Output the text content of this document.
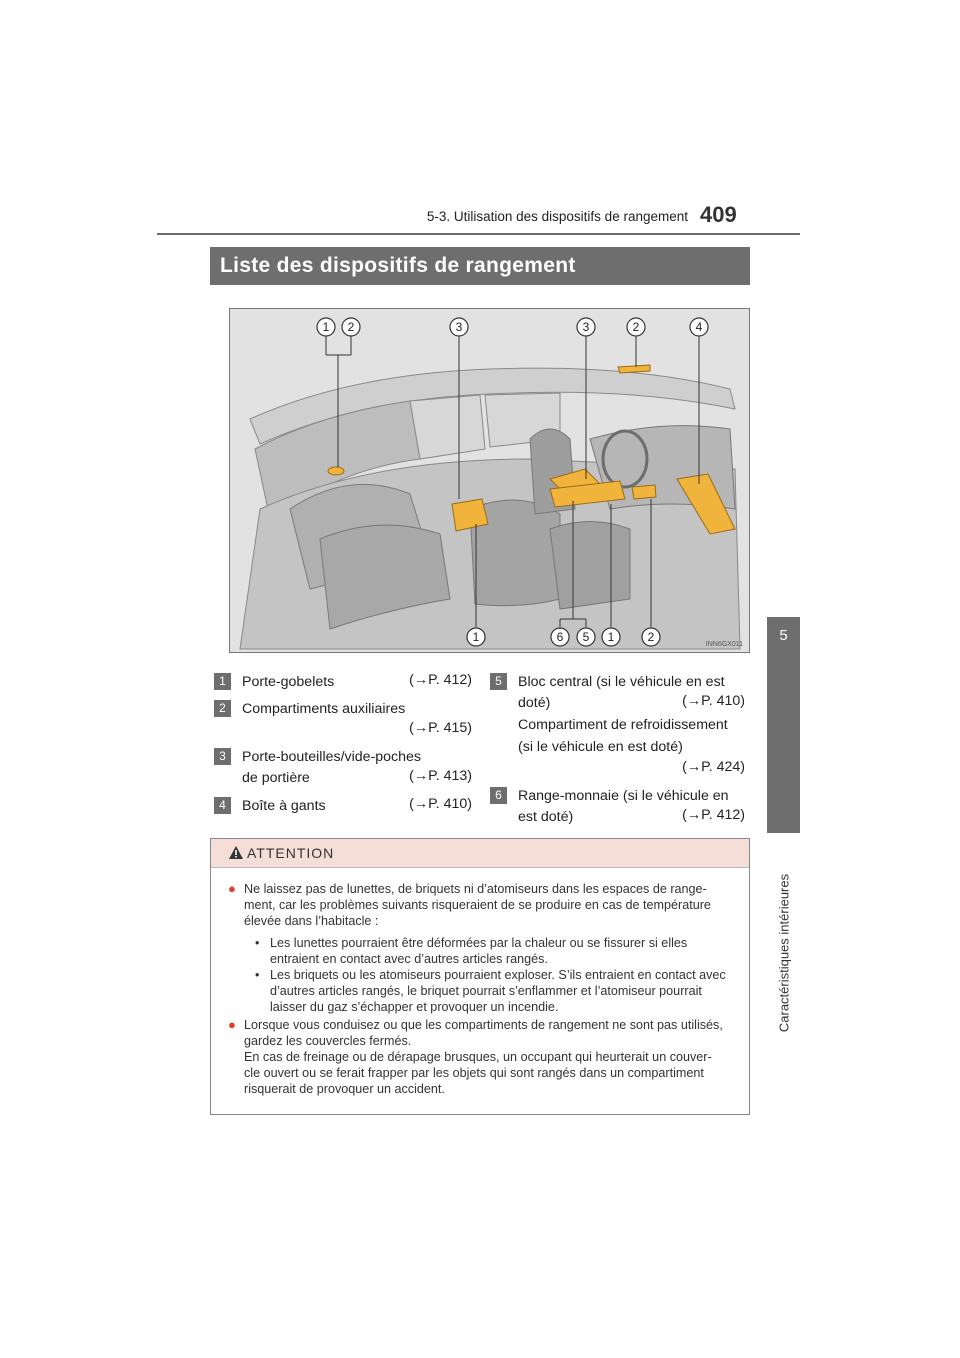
5-3. Utilisation des dispositifs de rangement 409
5
Caractéristiques intérieures
Liste des dispositifs de rangement
1 2	3	3	2	4
1	6 5 1	2
INN6GX011
1	Porte-gobelets	(→P. 412)
2	Compartiments auxiliaires
(→P. 415)
3	Porte-bouteilles/vide-poches
de portière	(→P. 413)
4	Boîte à gants	(→P. 410)
5	Bloc central (si le véhicule en est
doté)	(→P. 410)
Compartiment de refroidissement
(si le véhicule en est doté)
(→P. 424)
6	Range-monnaie (si le véhicule en
est doté)	(→P. 412)
ATTENTION
● Ne laissez pas de lunettes, de briquets ni d’atomiseurs dans les espaces de range-
ment, car les problèmes suivants risqueraient de se produire en cas de température
élevée dans l’habitacle :
• Les lunettes pourraient être déformées par la chaleur ou se fissurer si elles
entraient en contact avec d’autres articles rangés.
• Les briquets ou les atomiseurs pourraient exploser. S’ils entraient en contact avec
d’autres articles rangés, le briquet pourrait s’enflammer et l’atomiseur pourrait
laisser du gaz s’échapper et provoquer un incendie.
● Lorsque vous conduisez ou que les compartiments de rangement ne sont pas utilisés,
gardez les couvercles fermés.
En cas de freinage ou de dérapage brusques, un occupant qui heurterait un couver-
cle ouvert ou se ferait frapper par les objets qui sont rangés dans un compartiment
risquerait de provoquer un accident.
